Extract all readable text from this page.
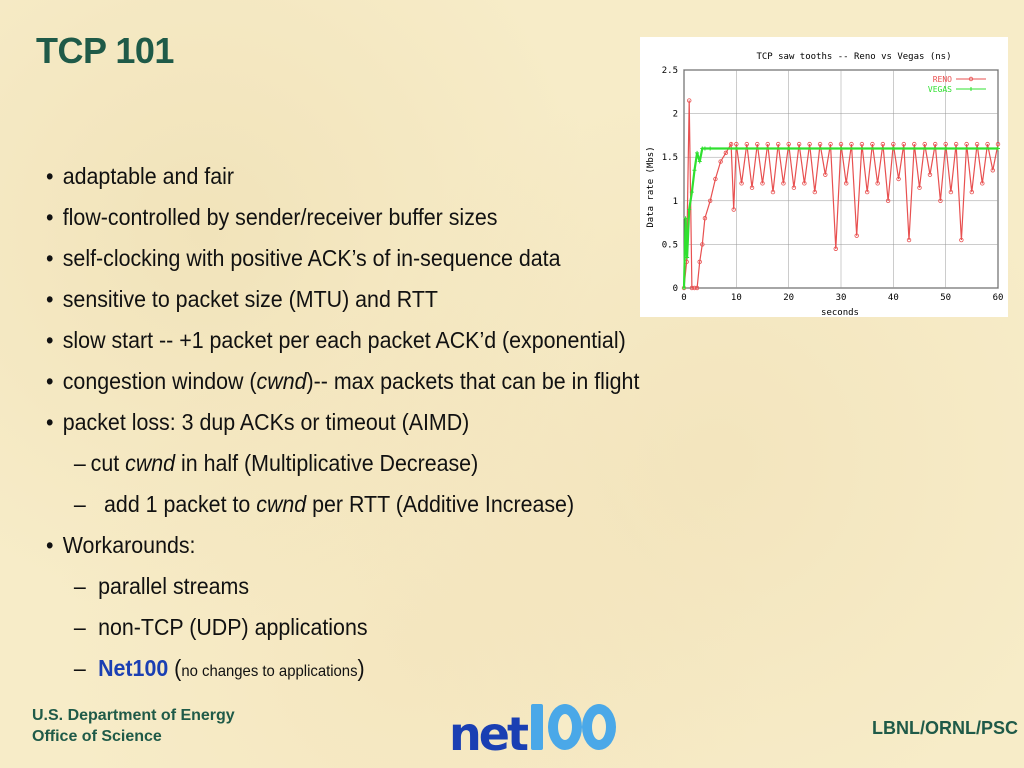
TCP 101
• adaptable and fair
• flow-controlled by sender/receiver buffer sizes
• self-clocking with positive ACK’s of in-sequence data
• sensitive to packet size (MTU) and RTT
• slow start -- +1 packet per each packet ACK’d (exponential)
• congestion window (cwnd)-- max packets that can be in flight
• packet loss: 3 dup ACKs or timeout (AIMD)
– cut cwnd in half (Multiplicative Decrease)
– add 1 packet to cwnd per RTT (Additive Increase)
• Workarounds:
– parallel streams
– non-TCP (UDP) applications
– Net100 (no changes to applications)
TCP saw tooths -- Reno vs Vegas (ns)
seconds
Data rate (Mbs)
0	10	20	30	40	50	60
0
0.5
1
1.5
2
2.5
RENO
VEGAS
U.S. Department of Energy
Office of Science	net	LBNL/ORNL/PSC
